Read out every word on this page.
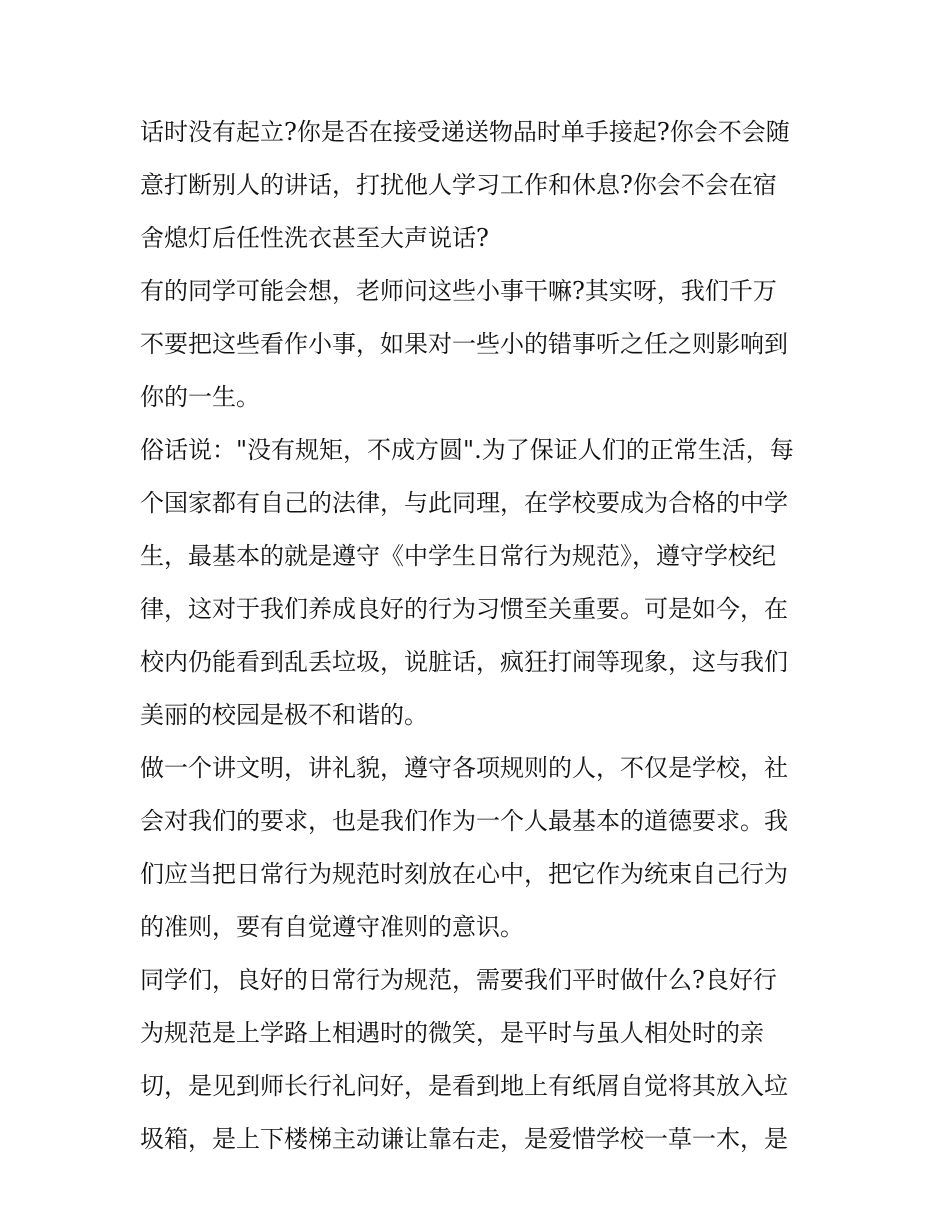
话时没有起立?你是否在接受递送物品时单手接起?你会不会随
意打断别人的讲话，打扰他人学习工作和休息?你会不会在宿
舍熄灯后任性洗衣甚至大声说话?
有的同学可能会想，老师问这些小事干嘛?其实呀，我们千万
不要把这些看作小事，如果对一些小的错事听之任之则影响到
你的一生。
俗话说："没有规矩，不成方圆".为了保证人们的正常生活，每
个国家都有自己的法律，与此同理，在学校要成为合格的中学
生，最基本的就是遵守《中学生日常行为规范》，遵守学校纪
律，这对于我们养成良好的行为习惯至关重要。可是如今，在
校内仍能看到乱丢垃圾，说脏话，疯狂打闹等现象，这与我们
美丽的校园是极不和谐的。
做一个讲文明，讲礼貌，遵守各项规则的人，不仅是学校，社
会对我们的要求，也是我们作为一个人最基本的道德要求。我
们应当把日常行为规范时刻放在心中，把它作为统束自己行为
的准则，要有自觉遵守准则的意识。
同学们，良好的日常行为规范，需要我们平时做什么?良好行
为规范是上学路上相遇时的微笑，是平时与虽人相处时的亲
切，是见到师长行礼问好，是看到地上有纸屑自觉将其放入垃
圾箱，是上下楼梯主动谦让靠右走，是爱惜学校一草一木，是
